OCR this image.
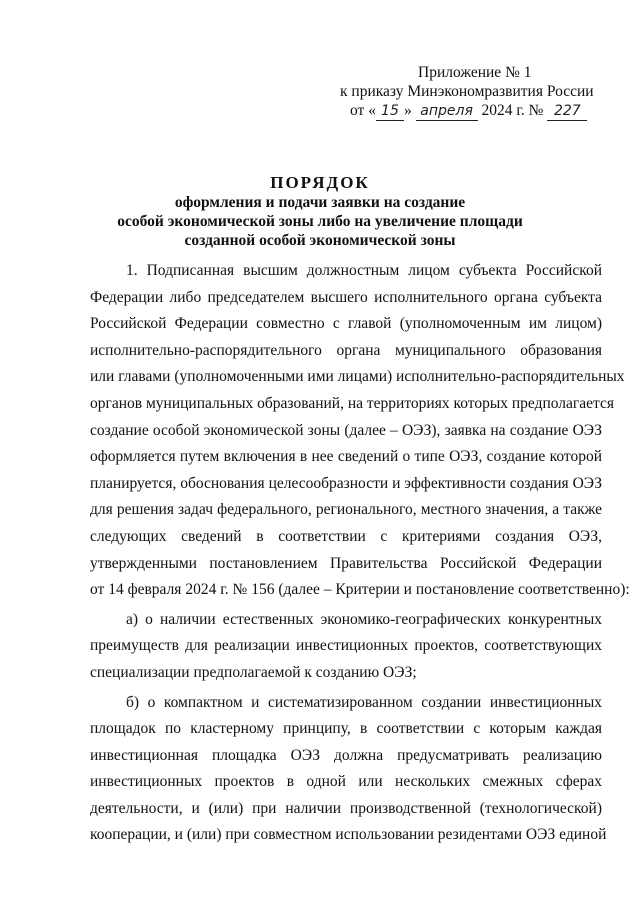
Приложение № 1
к приказу Минэкономразвития России
от « 15 » апреля 2024 г. № 227
ПОРЯДОК
оформления и подачи заявки на создание
особой экономической зоны либо на увеличение площади
созданной особой экономической зоны
1. Подписанная высшим должностным лицом субъекта Российской
Федерации либо председателем высшего исполнительного органа субъекта
Российской Федерации совместно с главой (уполномоченным им лицом)
исполнительно-распорядительного органа муниципального образования
или главами (уполномоченными ими лицами) исполнительно-распорядительных
органов муниципальных образований, на территориях которых предполагается
создание особой экономической зоны (далее – ОЭЗ), заявка на создание ОЭЗ
оформляется путем включения в нее сведений о типе ОЭЗ, создание которой
планируется, обоснования целесообразности и эффективности создания ОЭЗ
для решения задач федерального, регионального, местного значения, а также
следующих сведений в соответствии с критериями создания ОЭЗ,
утвержденными постановлением Правительства Российской Федерации
от 14 февраля 2024 г. № 156 (далее – Критерии и постановление соответственно):
а) о наличии естественных экономико-географических конкурентных
преимуществ для реализации инвестиционных проектов, соответствующих
специализации предполагаемой к созданию ОЭЗ;
б) о компактном и систематизированном создании инвестиционных
площадок по кластерному принципу, в соответствии с которым каждая
инвестиционная площадка ОЭЗ должна предусматривать реализацию
инвестиционных проектов в одной или нескольких смежных сферах
деятельности, и (или) при наличии производственной (технологической)
кооперации, и (или) при совместном использовании резидентами ОЭЗ единой
